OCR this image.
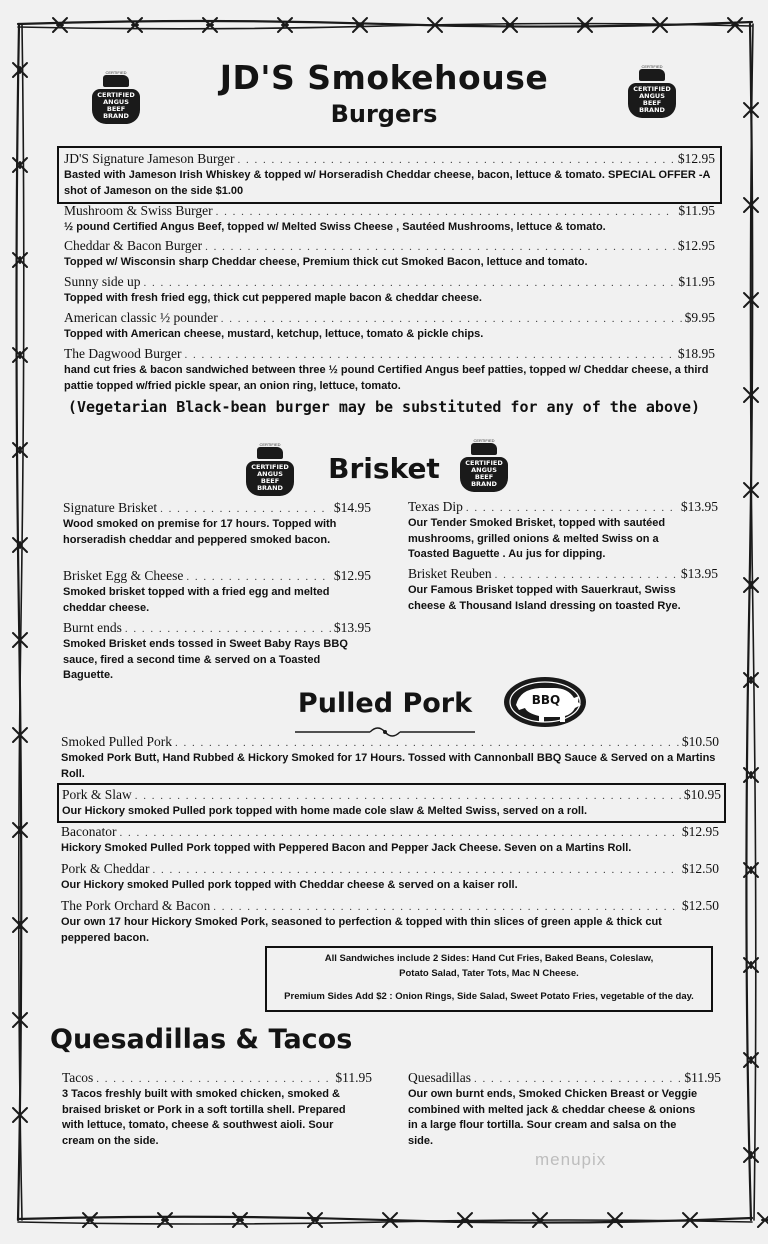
JD'S Smokehouse
Burgers
CERTIFIED
CERTIFIED
ANGUS BEEF
BRAND
CERTIFIED
CERTIFIED
ANGUS BEEF
BRAND
JD'S Signature Jameson Burger . . .	$12.95
Basted with Jameson Irish Whiskey & topped w/ Horseradish Cheddar cheese, bacon, lettuce & tomato. SPECIAL OFFER -A shot of Jameson on the side $1.00
Mushroom & Swiss Burger . . .	$11.95
½ pound Certified Angus Beef, topped w/ Melted Swiss Cheese , Sautéed Mushrooms, lettuce & tomato.
Cheddar & Bacon Burger . . .	$12.95
Topped w/ Wisconsin sharp Cheddar cheese, Premium thick cut Smoked Bacon, lettuce and tomato.
Sunny side up . . .	$11.95
Topped with fresh fried egg, thick cut peppered maple bacon & cheddar cheese.
American classic ½ pounder . . .	$9.95
Topped with American cheese, mustard, ketchup, lettuce, tomato & pickle chips.
The Dagwood Burger . . .	$18.95
hand cut fries & bacon sandwiched between three ½ pound Certified Angus beef patties, topped w/ Cheddar cheese, a third pattie topped w/fried pickle spear, an onion ring, lettuce, tomato.
(Vegetarian Black-bean burger may be substituted for any of the above)
CERTIFIED
CERTIFIED
ANGUS BEEF
BRAND
Brisket
CERTIFIED
CERTIFIED
ANGUS BEEF
BRAND
Signature Brisket . . .	$14.95
Wood smoked on premise for 17 hours. Topped with horseradish cheddar and peppered smoked bacon.
Brisket Egg & Cheese . . .	$12.95
Smoked brisket topped with a fried egg and melted cheddar cheese.
Burnt ends . . .	$13.95
Smoked Brisket ends tossed in Sweet Baby Rays BBQ sauce, fired a second time & served on a Toasted Baguette.
Texas Dip . . .	$13.95
Our Tender Smoked Brisket, topped with sautéed mushrooms, grilled onions & melted Swiss on a Toasted Baguette . Au jus for dipping.
Brisket Reuben . . .	$13.95
Our Famous Brisket topped with Sauerkraut, Swiss cheese & Thousand Island dressing on toasted Rye.
Pulled Pork	BBQ
Smoked Pulled Pork . . .	$10.50
Smoked Pork Butt, Hand Rubbed & Hickory Smoked for 17 Hours. Tossed with Cannonball BBQ Sauce & Served on a Martins Roll.
Pork & Slaw . . .	$10.95
Our Hickory smoked Pulled pork topped with home made cole slaw & Melted Swiss, served on a roll.
Baconator . . .	$12.95
Hickory Smoked Pulled Pork topped with Peppered Bacon and Pepper Jack Cheese. Seven on a Martins Roll.
Pork & Cheddar . . .	$12.50
Our Hickory smoked Pulled pork topped with Cheddar cheese & served on a kaiser roll.
The Pork Orchard & Bacon . . .	$12.50
Our own 17 hour Hickory Smoked Pork, seasoned to perfection & topped with thin slices of green apple & thick cut peppered bacon.
All Sandwiches include 2 Sides: Hand Cut Fries, Baked Beans, Coleslaw,
Potato Salad, Tater Tots, Mac N Cheese.
Premium Sides Add $2 : Onion Rings, Side Salad, Sweet Potato Fries, vegetable of the day.
Quesadillas & Tacos
Tacos . . .	$11.95
3 Tacos freshly built with smoked chicken, smoked & braised brisket or Pork in a soft tortilla shell. Prepared with lettuce, tomato, cheese & southwest aioli. Sour cream on the side.
Quesadillas . . .	$11.95
Our own burnt ends, Smoked Chicken Breast or Veggie combined with melted jack & cheddar cheese & onions in a large flour tortilla. Sour cream and salsa on the side.
menupix
